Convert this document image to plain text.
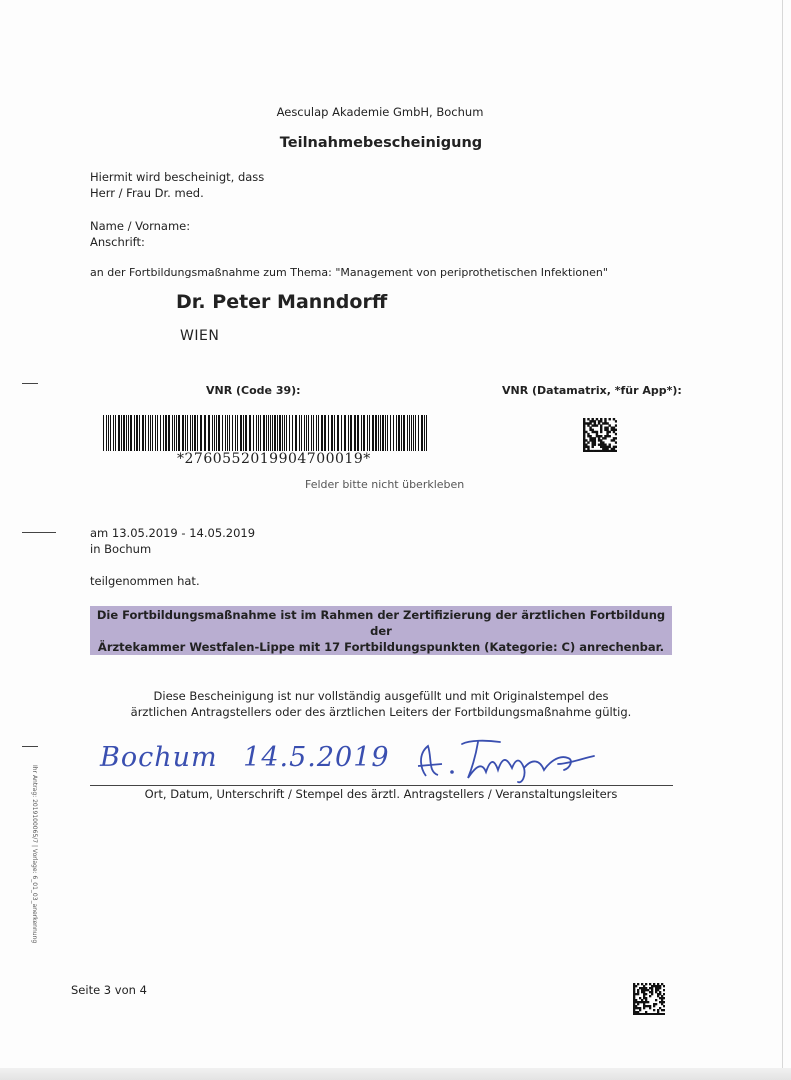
Ihr Antrag: 2019100065/7 | Vorlage: 6_01_03_anerkennung
Aesculap Akademie GmbH, Bochum
Teilnahmebescheinigung
Hiermit wird bescheinigt, dass
Herr / Frau Dr. med.
Name / Vorname:
Anschrift:
an der Fortbildungsmaßnahme zum Thema: "Management von periprothetischen Infektionen"
Dr. Peter Manndorff
WIEN
VNR (Code 39):	VNR (Datamatrix, *für App*):
*2760552019904700019*
Felder bitte nicht überkleben
am 13.05.2019 - 14.05.2019
in Bochum
teilgenommen hat.
Die Fortbildungsmaßnahme ist im Rahmen der Zertifizierung der ärztlichen Fortbildung der
Ärztekammer Westfalen-Lippe mit 17 Fortbildungspunkten (Kategorie: C) anrechenbar.
Diese Bescheinigung ist nur vollständig ausgefüllt und mit Originalstempel des
ärztlichen Antragstellers oder des ärztlichen Leiters der Fortbildungsmaßnahme gültig.
Bochum 14.5.2019
Ort, Datum, Unterschrift / Stempel des ärztl. Antragstellers / Veranstaltungsleiters
Seite 3 von 4
